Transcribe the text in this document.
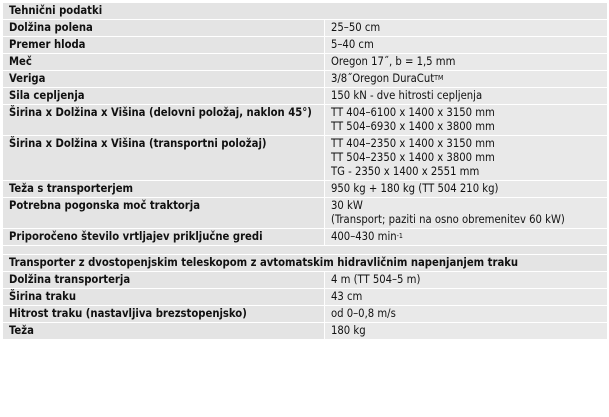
Tehnični podatki	
Dolžina polena	25–50 cm

Premer hloda	5–40 cm

Meč	Oregon 17˝, b = 1,5 mm

Veriga	3/8˝Oregon DuraCut™

Sila cepljenja	150 kN - dve hitrosti cepljenja

Širina x Dolžina x Višina (delovni položaj, naklon 45°)	TT 404–6100 x 1400 x 3150 mm
TT 504–6930 x 1400 x 3800 mm

Širina x Dolžina x Višina (transportni položaj)	TT 404–2350 x 1400 x 3150 mm
TT 504–2350 x 1400 x 3800 mm
TG - 2350 x 1400 x 2551 mm

Teža s transporterjem	950 kg + 180 kg (TT 504 210 kg)

Potrebna pogonska moč traktorja	30 kW
(Transport; paziti na osno obremenitev 60 kW)

Priporočeno število vrtljajev priključne gredi	400–430 $\min^{-1}$

Transporter z dvostopenjskim teleskopom z avtomatskim hidravličnim napenjanjem traku	
Dolžina transporterja	4 m (TT 504–5 m)

Širina traku	43 cm

Hitrost traku (nastavljiva brezstopenjsko)	od 0–0,8 m/s

Teža	180 kg
